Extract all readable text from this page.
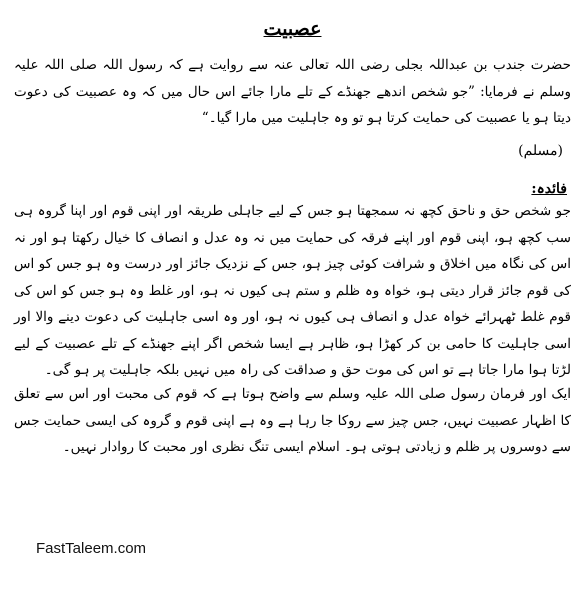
عصبیت
حضرت جندب بن عبداللہ بجلی رضی اللہ تعالی عنہ سے روایت ہے کہ رسول اللہ صلی اللہ علیہ وسلم نے فرمایا: ”جو شخص اندھے جھنڈے کے تلے مارا جائے اس حال میں کہ وہ عصبیت کی دعوت دیتا ہو یا عصبیت کی حمایت کرتا ہو تو وہ جاہلیت میں مارا گیا۔“
(مسلم)
فائدہ:
جو شخص حق و ناحق کچھ نہ سمجھتا ہو جس کے لیے جاہلی طریقہ اور اپنی قوم اور اپنا گروہ ہی سب کچھ ہو، اپنی قوم اور اپنے فرقہ کی حمایت میں نہ وہ عدل و انصاف کا خیال رکھتا ہو اور نہ اس کی نگاہ میں اخلاق و شرافت کوئی چیز ہو، جس کے نزدیک جائز اور درست وہ ہو جس کو اس کی قوم جائز قرار دیتی ہو، خواہ وہ ظلم و ستم ہی کیوں نہ ہو، اور غلط وہ ہو جس کو اس کی قوم غلط ٹھہرائے خواہ عدل و انصاف ہی کیوں نہ ہو، اور وہ اسی جاہلیت کی دعوت دینے والا اور اسی جاہلیت کا حامی بن کر کھڑا ہو، ظاہر ہے ایسا شخص اگر اپنے جھنڈے کے تلے عصبیت کے لیے لڑتا ہوا مارا جاتا ہے تو اس کی موت حق و صداقت کی راہ میں نہیں بلکہ جاہلیت پر ہو گی۔
ایک اور فرمان رسول صلی اللہ علیہ وسلم سے واضح ہوتا ہے کہ قوم کی محبت اور اس سے تعلق کا اظہار عصبیت نہیں، جس چیز سے روکا جا رہا ہے وہ ہے اپنی قوم و گروہ کی ایسی حمایت جس سے دوسروں پر ظلم و زیادتی ہوتی ہو۔ اسلام ایسی تنگ نظری اور محبت کا روادار نہیں۔
FastTaleem.com
